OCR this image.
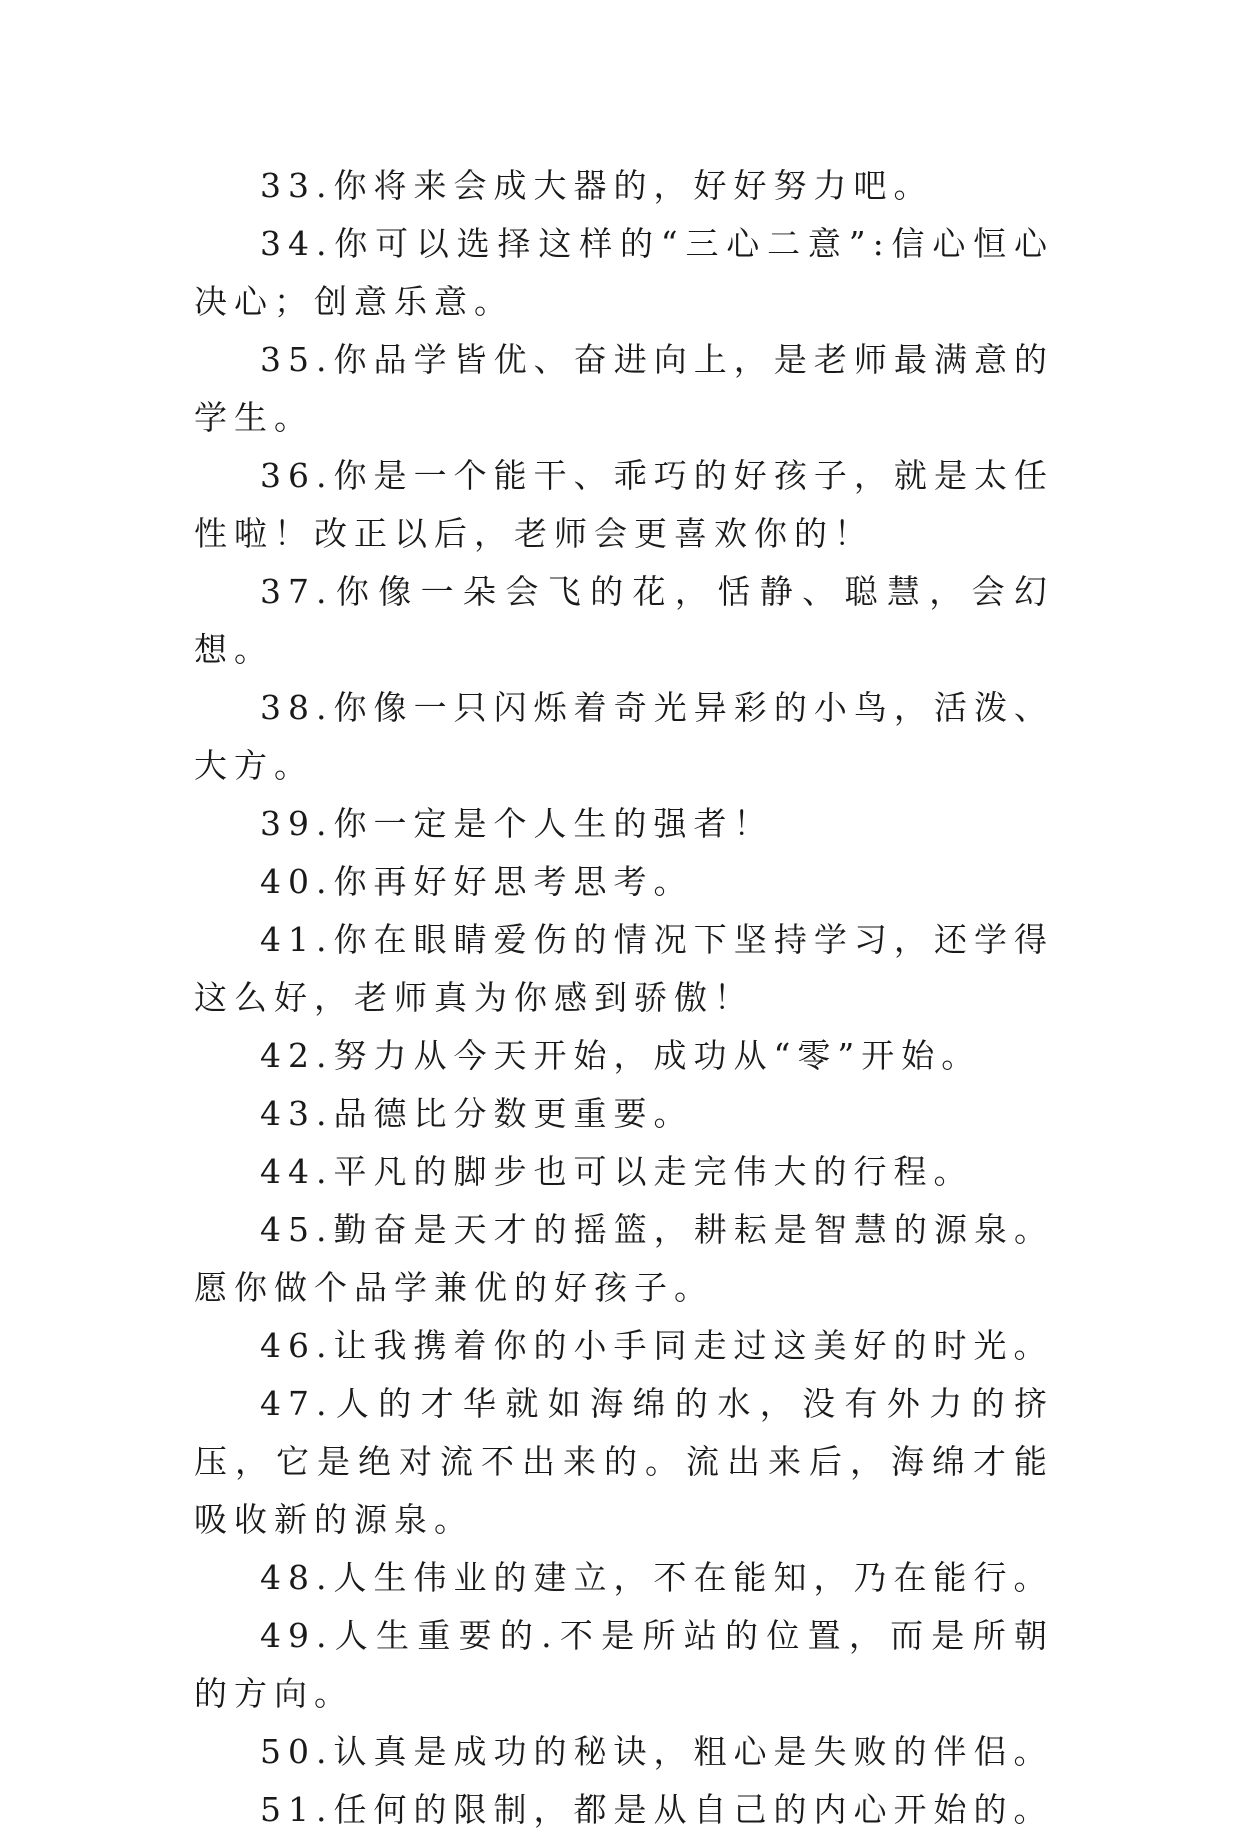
33.你将来会成大器的，好好努力吧。

34.你可以选择这样的“三心二意”:信心恒心决心；创意乐意。

35.你品学皆优、奋进向上，是老师最满意的学生。

36.你是一个能干、乖巧的好孩子，就是太任性啦！改正以后，老师会更喜欢你的！

37.你像一朵会飞的花，恬静、聪慧，会幻想。

38.你像一只闪烁着奇光异彩的小鸟，活泼、大方。

39.你一定是个人生的强者！

40.你再好好思考思考。

41.你在眼睛爱伤的情况下坚持学习，还学得这么好，老师真为你感到骄傲！

42.努力从今天开始，成功从“零”开始。

43.品德比分数更重要。

44.平凡的脚步也可以走完伟大的行程。

45.勤奋是天才的摇篮，耕耘是智慧的源泉。愿你做个品学兼优的好孩子。

46.让我携着你的小手同走过这美好的时光。

47.人的才华就如海绵的水，没有外力的挤压，它是绝对流不出来的。流出来后，海绵才能吸收新的源泉。

48.人生伟业的建立，不在能知，乃在能行。

49.人生重要的.不是所站的位置，而是所朝的方向。

50.认真是成功的秘诀，粗心是失败的伴侣。

51.任何的限制，都是从自己的内心开始的。
